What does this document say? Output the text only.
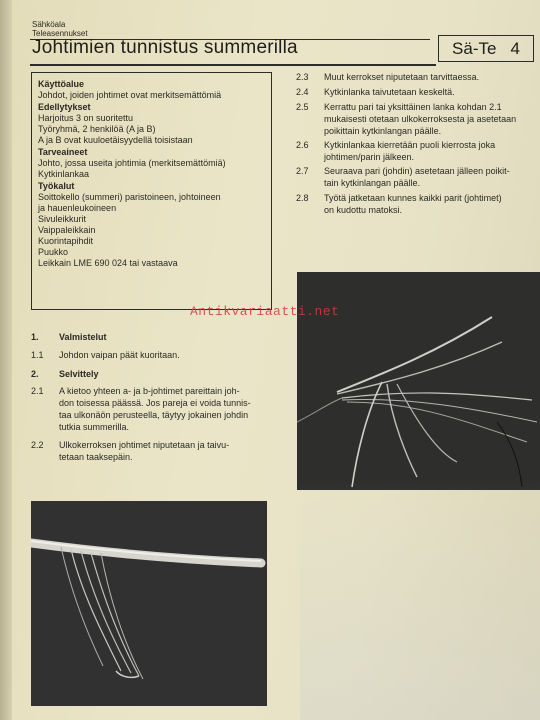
Sähköala
Teleasennukset
Johtimien tunnistus summerilla	Sä-Te 4
Käyttöalue
Johdot, joiden johtimet ovat merkitsemättömiä
Edellytykset
Harjoitus 3 on suoritettu
Työryhmä, 2 henkilöä (A ja B)
A ja B ovat kuuloetäisyydellä toisistaan
Tarveaineet
Johto, jossa useita johtimia (merkitsemättömiä)
Kytkinlankaa
Työkalut
Soittokello (summeri) paristoineen, johtoineen
ja hauenleukoineen
Sivuleikkurit
Vaippaleikkain
Kuorintapihdit
Puukko
Leikkain LME 690 024 tai vastaava
1.	Valmistelut
1.1	Johdon vaipan päät kuoritaan.
2.	Selvittely
2.1	A kietoo yhteen a- ja b-johtimet pareittain joh-
don toisessa päässä. Jos pareja ei voida tunnis-
taa ulkonäön perusteella, täytyy jokainen johdin
tutkia summerilla.
2.2	Ulkokerroksen johtimet niputetaan ja taivu-
tetaan taaksepäin.
2.3	Muut kerrokset niputetaan tarvittaessa.
2.4	Kytkinlanka taivutetaan keskeltä.
2.5	Kerrattu pari tai yksittäinen lanka kohdan 2.1
mukaisesti otetaan ulkokerroksesta ja asetetaan
poikittain kytkinlangan päälle.
2.6	Kytkinlankaa kierretään puoli kierrosta joka
johtimen/parin jälkeen.
2.7	Seuraava pari (johdin) asetetaan jälleen poikit-
tain kytkinlangan päälle.
2.8	Työtä jatketaan kunnes kaikki parit (johtimet)
on kudottu matoksi.
Antikvariaatti.net
